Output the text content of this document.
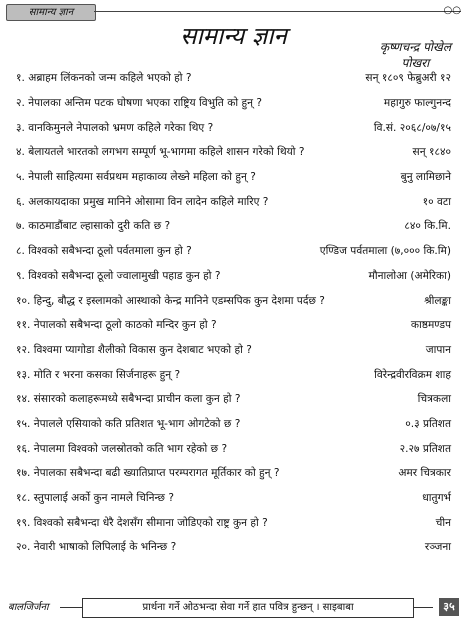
सामान्य ज्ञान	○○
सामान्य ज्ञान	कृष्णचन्द्र पोखेल
पोखरा
१. अब्राहम लिंकनको जन्म कहिले भएको हो ?	सन् १८०९ फेब्रुअरी १२
२. नेपालका अन्तिम पटक घोषणा भएका राष्ट्रिय विभुति को हुन् ?	महागुरु फाल्गुनन्द
३. वानकिमुनले नेपालको भ्रमण कहिले गरेका थिए ?	वि.सं. २०६८/०७/१५
४. बेलायतले भारतको लगभग सम्पूर्ण भू-भागमा कहिले शासन गरेको थियो ?	सन् १८४०
५. नेपाली साहित्यमा सर्वप्रथम महाकाव्य लेख्ने महिला को हुन् ?	बुनु लामिछाने
६. अलकायदाका प्रमुख मानिने ओसामा विन लादेन कहिले मारिए ?	१० वटा
७. काठमाडौंबाट ल्हासाको दुरी कति छ ?	८४० कि.मि.
८. विश्वको सबैभन्दा ठूलो पर्वतमाला कुन हो ?	एण्डिज पर्वतमाला (७,००० कि.मि)
९. विश्वको सबैभन्दा ठूलो ज्वालामुखी पहाड कुन हो ?	मौनालोआ (अमेरिका)
१०. हिन्दु, बौद्ध र इस्लामको आस्थाको केन्द्र मानिने एडम्सपिक कुन देशमा पर्दछ ?	श्रीलङ्का
११. नेपालको सबैभन्दा ठूलो काठको मन्दिर कुन हो ?	काष्ठमण्डप
१२. विश्वमा प्यागोडा शैलीको विकास कुन देशबाट भएको हो ?	जापान
१३. मोति र भरना कसका सिर्जनाहरू हुन् ?	विरेन्द्रवीरविक्रम शाह
१४. संसारको कलाहरूमध्ये सबैभन्दा प्राचीन कला कुन हो ?	चित्रकला
१५. नेपालले एसियाको कति प्रतिशत भू-भाग ओगटेको छ ?	०.३ प्रतिशत
१६. नेपालमा विश्वको जलस्रोतको कति भाग रहेको छ ?	२.२७ प्रतिशत
१७. नेपालका सबैभन्दा बढी ख्यातिप्राप्त परम्परागत मूर्तिकार को हुन् ?	अमर चित्रकार
१८. स्तुपालाई अर्को कुन नामले चिनिन्छ ?	धातुगर्भ
१९. विश्वको सबैभन्दा धेरै देशसँग सीमाना जोडिएको राष्ट्र कुन हो ?	चीन
२०. नेवारी भाषाको लिपिलाई के भनिन्छ ?	रञ्जना
बालजिर्जना	प्रार्थना गर्ने ओठभन्दा सेवा गर्ने हात पवित्र हुन्छन् । साइबाबा	३५
